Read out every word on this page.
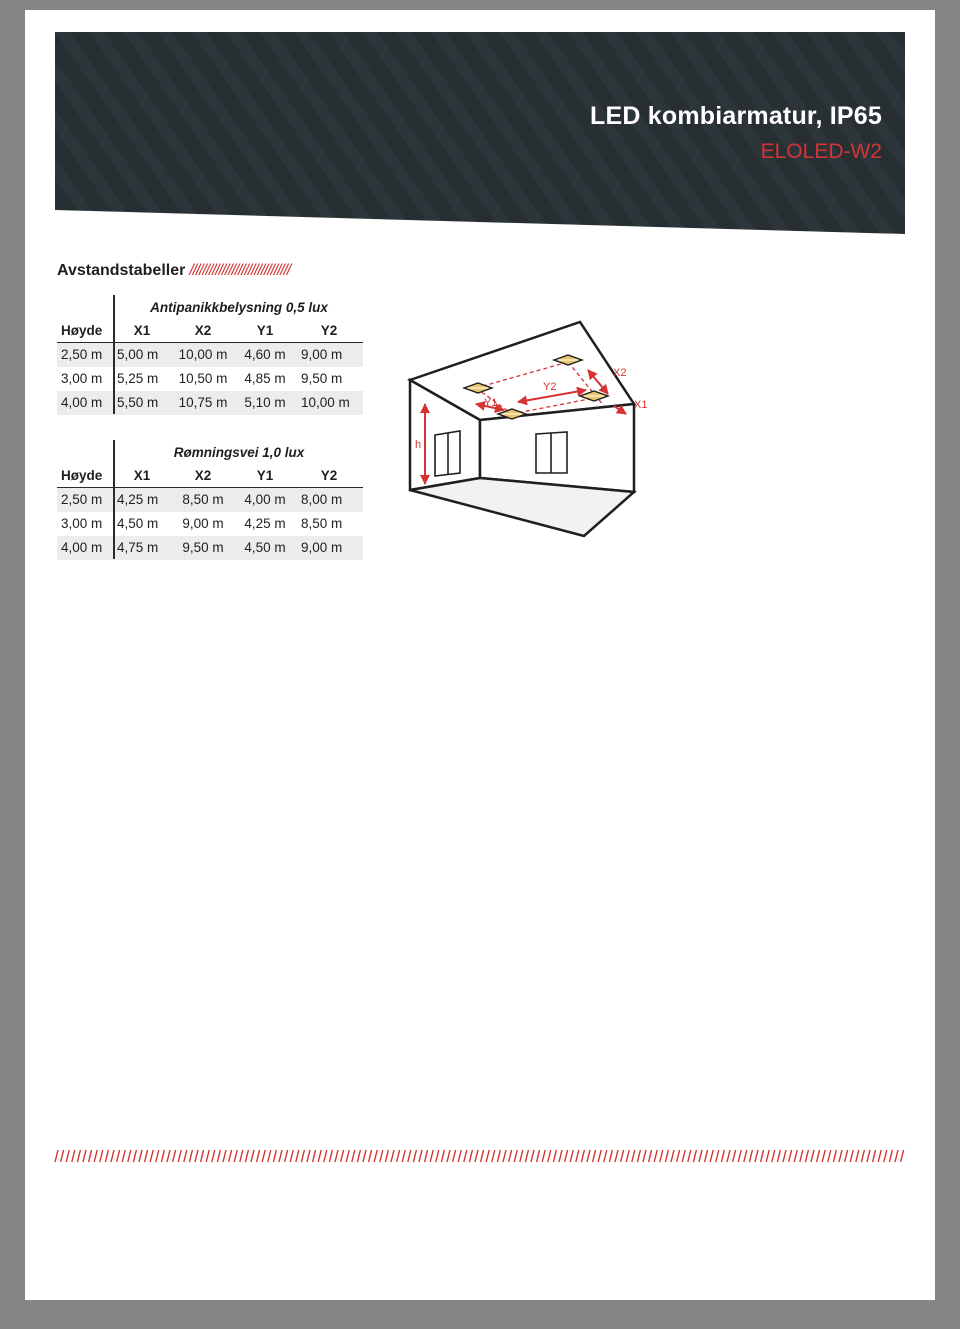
LED kombiarmatur, IP65
ELOLED-W2
Avstandstabeller ///////////////////////////////
Antipanikkbelysning 0,5 lux
Høyde	X1	X2	Y1	Y2
2,50 m	5,00 m	10,00 m	4,60 m	9,00 m
3,00 m	5,25 m	10,50 m	4,85 m	9,50 m
4,00 m	5,50 m	10,75 m	5,10 m	10,00 m
Rømningsvei 1,0 lux
Høyde	X1	X2	Y1	Y2
2,50 m	4,25 m	8,50 m	4,00 m	8,00 m
3,00 m	4,50 m	9,00 m	4,25 m	8,50 m
4,00 m	4,75 m	9,50 m	4,50 m	9,00 m
Y2
Y1
X2
X1
h
